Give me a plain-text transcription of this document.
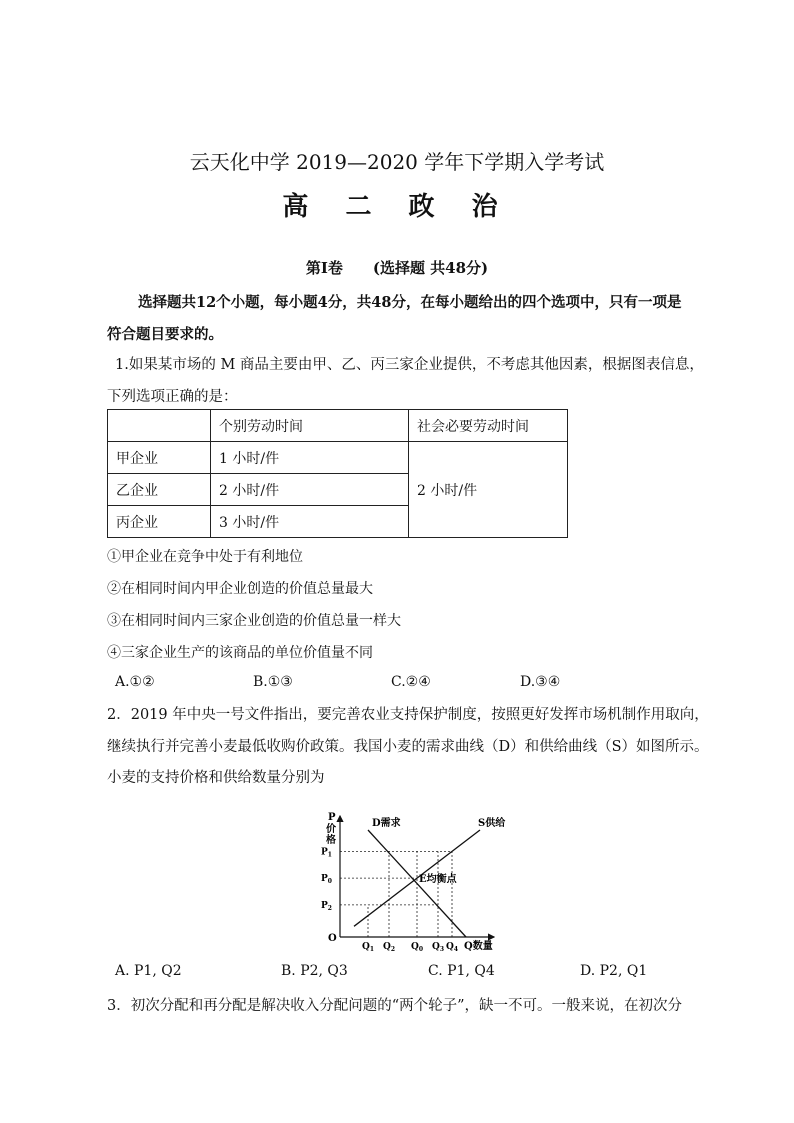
云天化中学 2019—2020 学年下学期入学考试
高 二 政 治
第Ⅰ卷　　(选择题 共48分)
选择题共12个小题，每小题4分，共48分，在每小题给出的四个选项中，只有一项是
符合题目要求的。
1.如果某市场的 M 商品主要由甲、乙、丙三家企业提供，不考虑其他因素，根据图表信息，
下列选项正确的是：
	个别劳动时间	社会必要劳动时间
甲企业	1 小时/件	2 小时/件
乙企业	2 小时/件	
丙企业	3 小时/件	
①甲企业在竞争中处于有利地位
②在相同时间内甲企业创造的价值总量最大
③在相同时间内三家企业创造的价值总量一样大
④三家企业生产的该商品的单位价值量不同
A.①②	B.①③	C.②④	D.③④
2．2019 年中央一号文件指出，要完善农业支持保护制度，按照更好发挥市场机制作用取向，
继续执行并完善小麦最低收购价政策。我国小麦的需求曲线（D）和供给曲线（S）如图所示。
小麦的支持价格和供给数量分别为
P
价格
Q数量
O
D需求	S供给
E均衡点
$Q_1$ $Q_2$ $Q_0$ $Q_3$ $Q_4$
$P_1$
$P_0$
$P_2$
A. P1, Q2	B. P2, Q3	C. P1, Q4	D. P2, Q1
3．初次分配和再分配是解决收入分配问题的“两个轮子”，缺一不可。一般来说，在初次分
